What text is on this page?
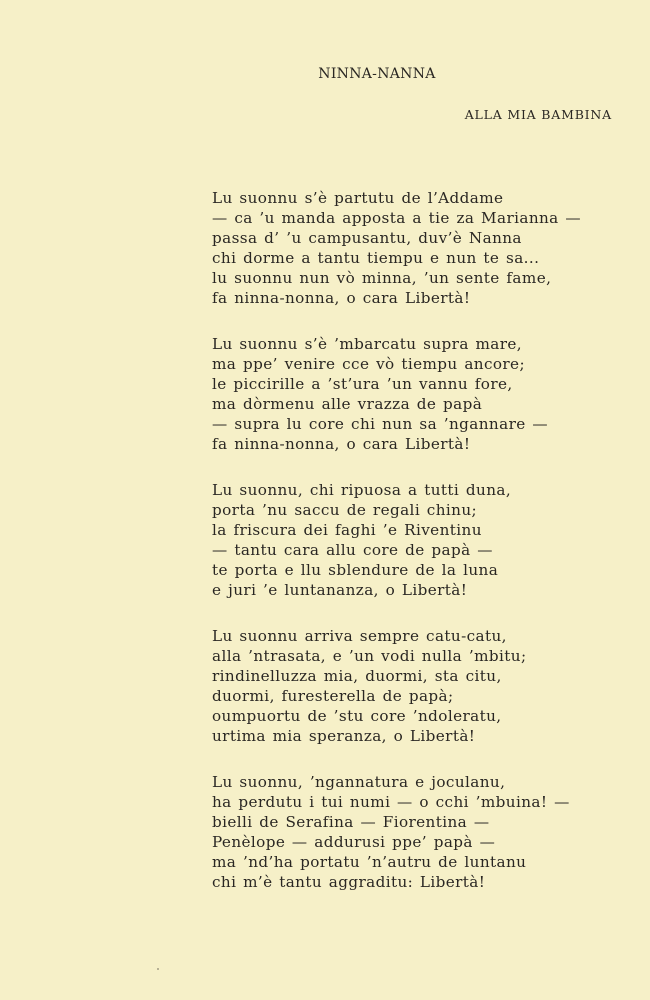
NINNA-NANNA
ALLA MIA BAMBINA
Lu suonnu s’è partutu de l’Addame
— ca ’u manda apposta a tie za Marianna —
passa d’ ’u campusantu, duv’è Nanna
chi dorme a tantu tiempu e nun te sa...
lu suonnu nun vò minna, ’un sente fame,
fa ninna-nonna, o cara Libertà!
Lu suonnu s’è ’mbarcatu supra mare,
ma ppe’ venire cce vò tiempu ancore;
le piccirille a ’st’ura ’un vannu fore,
ma dòrmenu alle vrazza de papà
— supra lu core chi nun sa ’ngannare —
fa ninna-nonna, o cara Libertà!
Lu suonnu, chi ripuosa a tutti duna,
porta ’nu saccu de regali chinu;
la friscura dei faghi ’e Riventinu
— tantu cara allu core de papà —
te porta e llu sblendure de la luna
e juri ’e luntananza, o Libertà!
Lu suonnu arriva sempre catu-catu,
alla ’ntrasata, e ’un vodi nulla ’mbitu;
rindinelluzza mia, duormi, sta citu,
duormi, furesterella de papà;
oumpuortu de ’stu core ’ndoleratu,
urtima mia speranza, o Libertà!
Lu suonnu, ’ngannatura e joculanu,
ha perdutu i tui numi — o cchi ’mbuina! —
bielli de Serafina — Fiorentina —
Penèlope — addurusi ppe’ papà —
ma ’nd’ha portatu ’n’autru de luntanu
chi m’è tantu aggraditu: Libertà!
